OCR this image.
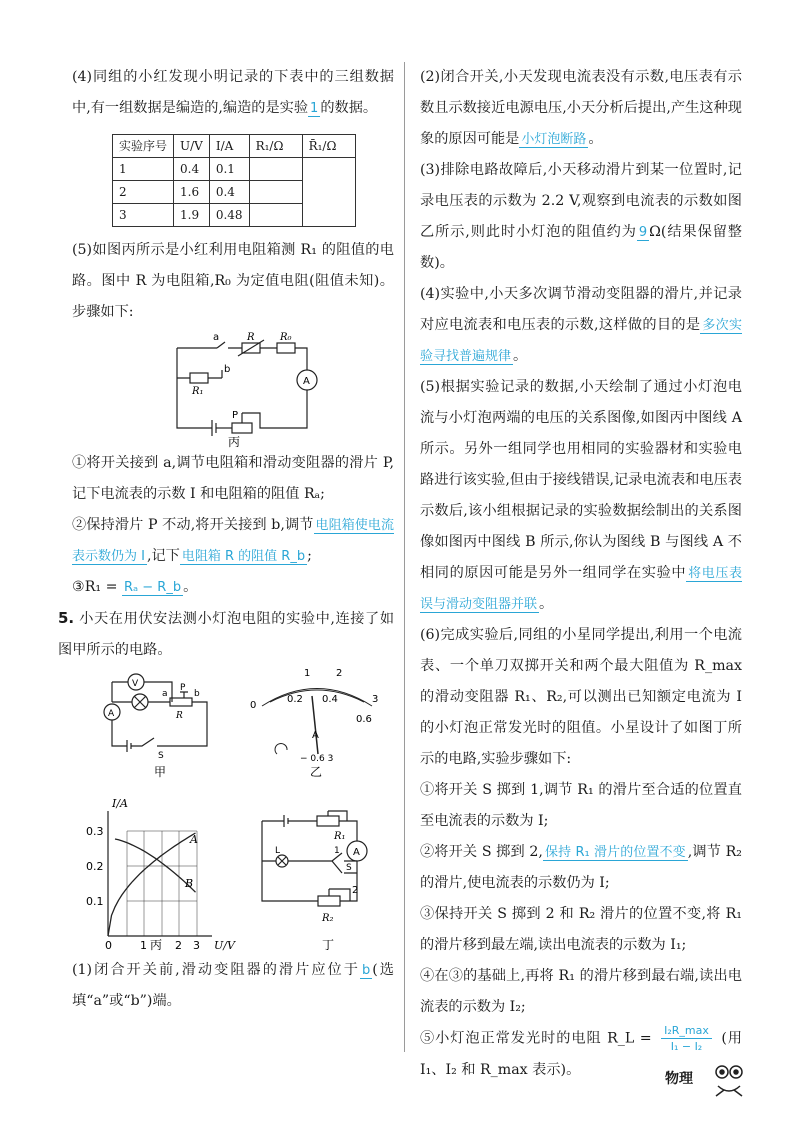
(4)同组的小红发现小明记录的下表中的三组数据中,有一组数据是编造的,编造的是实验 1 的数据。

实验序号	U/V	I/A	R₁/Ω	R̄₁/Ω
1	0.4	0.1		
2	1.6	0.4		
3	1.9	0.48		

(5)如图丙所示是小红利用电阻箱测 R₁ 的阻值的电路。图中 R 为电阻箱,R₀ 为定值电阻(阻值未知)。步骤如下:

a
b
R	R₀
R₁
A
P
丙

①将开关接到 a,调节电阻箱和滑动变阻器的滑片 P,记下电流表的示数 I 和电阻箱的阻值 Rₐ;

②保持滑片 P 不动,将开关接到 b,调节 电阻箱使电流表示数仍为 I ,记下 电阻箱 R 的阻值 R_b ;

③R₁ = Rₐ − R_b 。

5. 小天在用伏安法测小灯泡电阻的实验中,连接了如图甲所示的电路。

V
A
a
P
b
R
S
甲
1	2
0
0.2 0.4
0.6
3
A
− 0.6 3
乙
I/A
0.1
0.2
0.3
0	1	2 3 U/V
A
B
R₁
A
L	1
S
2
R₂
丙	丁

(1)闭合开关前,滑动变阻器的滑片应位于 b (选填“a”或“b”)端。

(2)闭合开关,小天发现电流表没有示数,电压表有示数且示数接近电源电压,小天分析后提出,产生这种现象的原因可能是 小灯泡断路 。

(3)排除电路故障后,小天移动滑片到某一位置时,记录电压表的示数为 2.2 V,观察到电流表的示数如图乙所示,则此时小灯泡的阻值约为 9 Ω(结果保留整数)。

(4)实验中,小天多次调节滑动变阻器的滑片,并记录对应电流表和电压表的示数,这样做的目的是 多次实验寻找普遍规律 。

(5)根据实验记录的数据,小天绘制了通过小灯泡电流与小灯泡两端的电压的关系图像,如图丙中图线 A 所示。另外一组同学也用相同的实验器材和实验电路进行该实验,但由于接线错误,记录电流表和电压表示数后,该小组根据记录的实验数据绘制出的关系图像如图丙中图线 B 所示,你认为图线 B 与图线 A 不相同的原因可能是另外一组同学在实验中 将电压表误与滑动变阻器并联 。

(6)完成实验后,同组的小星同学提出,利用一个电流表、一个单刀双掷开关和两个最大阻值为 R_max 的滑动变阻器 R₁、R₂,可以测出已知额定电流为 I 的小灯泡正常发光时的阻值。小星设计了如图丁所示的电路,实验步骤如下:

①将开关 S 掷到 1,调节 R₁ 的滑片至合适的位置直至电流表的示数为 I;

②将开关 S 掷到 2, 保持 R₁ 滑片的位置不变 ,调节 R₂ 的滑片,使电流表的示数仍为 I;

③保持开关 S 掷到 2 和 R₂ 滑片的位置不变,将 R₁ 的滑片移到最左端,读出电流表的示数为 I₁;

④在③的基础上,再将 R₁ 的滑片移到最右端,读出电流表的示数为 I₂;

⑤小灯泡正常发光时的电阻 R_L = I₂R_max
I₁ − I₂	(用 I₁、I₂ 和 R_max 表示)。

物理
